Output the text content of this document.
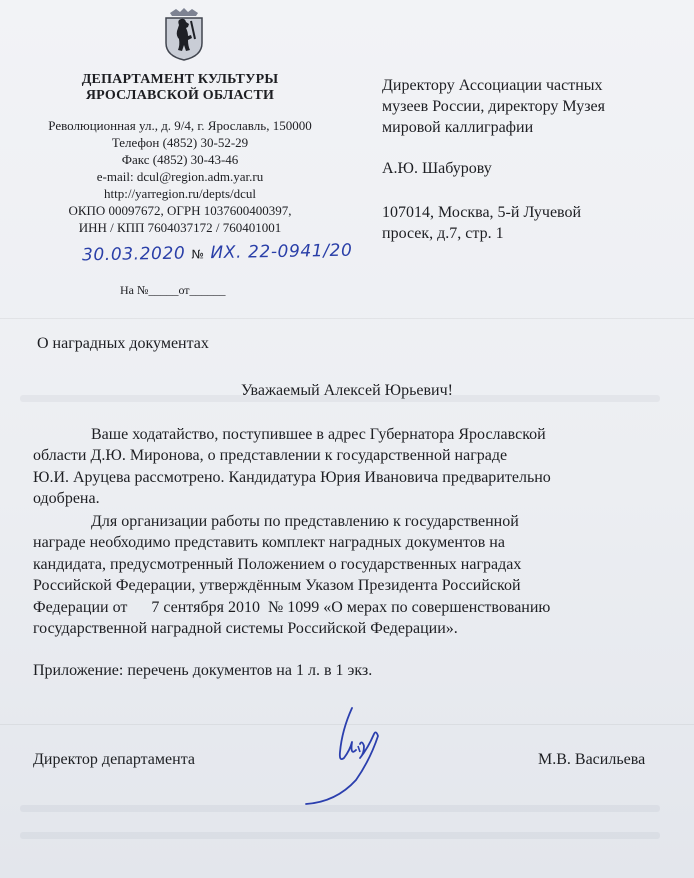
ДЕПАРТАМЕНТ КУЛЬТУРЫ
ЯРОСЛАВСКОЙ ОБЛАСТИ
Революционная ул., д. 9/4, г. Ярославль, 150000
Телефон (4852) 30-52-29
Факс (4852) 30-43-46
e-mail: dcul@region.adm.yar.ru
http://yarregion.ru/depts/dcul
ОКПО 00097672, ОГРН 1037600400397,
ИНН / КПП 7604037172 / 760401001
30.03.2020 № ИХ. 22-0941/20
На №_____от______
Директору Ассоциации частных
музеев России, директору Музея
мировой каллиграфии
А.Ю. Шабурову
107014, Москва, 5-й Лучевой
просек, д.7, стр. 1
О наградных документах
Уважаемый Алексей Юрьевич!
Ваше ходатайство, поступившее в адрес Губернатора Ярославской
области Д.Ю. Миронова, о представлении к государственной награде
Ю.И. Аруцева рассмотрено. Кандидатура Юрия Ивановича предварительно
одобрена.
Для организации работы по представлению к государственной
награде необходимо представить комплект наградных документов на
кандидата, предусмотренный Положением о государственных наградах
Российской Федерации, утверждённым Указом Президента Российской
Федерации от      7 сентября 2010  № 1099 «О мерах по совершенствованию
государственной наградной системы Российской Федерации».
Приложение: перечень документов на 1 л. в 1 экз.
Директор департамента	М.В. Васильева
